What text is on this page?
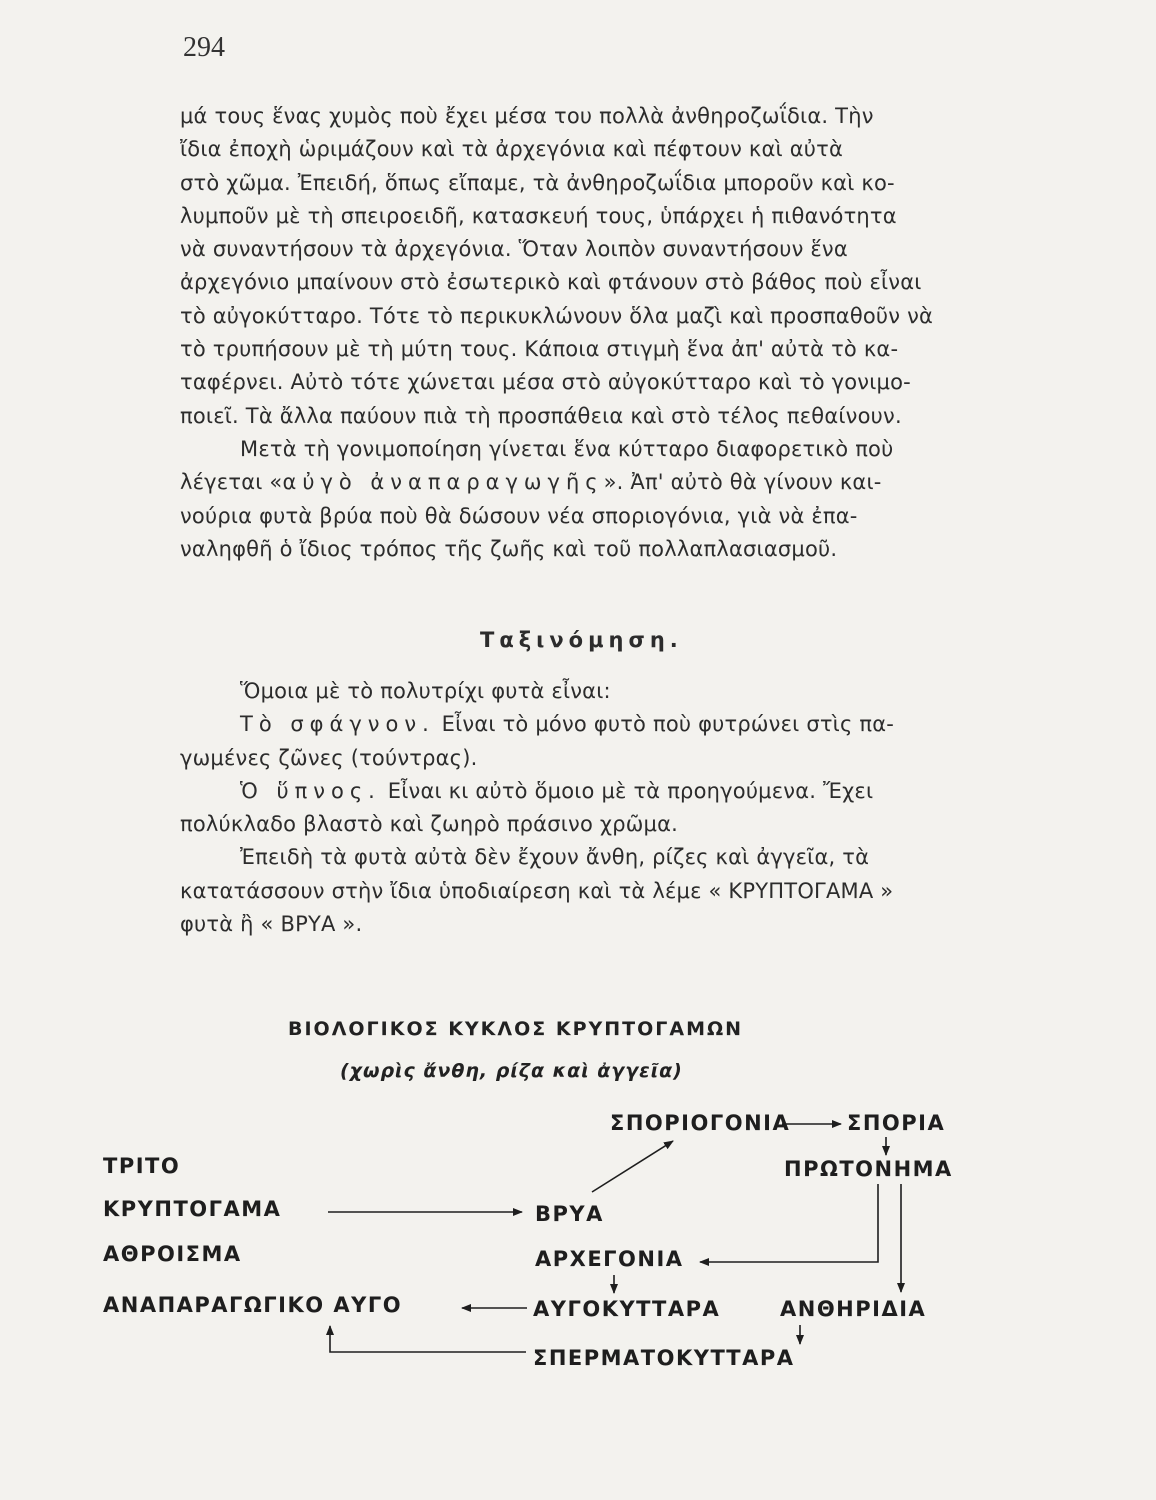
294
μά τους ἕνας χυμὸς ποὺ ἔχει μέσα του πολλὰ ἀνθηροζωΐδια. Τὴν
ἴδια ἐποχὴ ὡριμάζουν καὶ τὰ ἀρχεγόνια καὶ πέφτουν καὶ αὐτὰ
στὸ χῶμα. Ἐπειδή, ὅπως εἴπαμε, τὰ ἀνθηροζωΐδια μποροῦν καὶ κο-
λυμποῦν μὲ τὴ σπειροειδῆ, κατασκευή τους, ὑπάρχει ἡ πιθανότητα
νὰ συναντήσουν τὰ ἀρχεγόνια. Ὅταν λοιπὸν συναντήσουν ἕνα
ἀρχεγόνιο μπαίνουν στὸ ἐσωτερικὸ καὶ φτάνουν στὸ βάθος ποὺ εἶναι
τὸ αὐγοκύτταρο. Τότε τὸ περικυκλώνουν ὅλα μαζὶ καὶ προσπαθοῦν νὰ
τὸ τρυπήσουν μὲ τὴ μύτη τους. Κάποια στιγμὴ ἕνα ἀπ' αὐτὰ τὸ κα-
ταφέρνει. Αὐτὸ τότε χώνεται μέσα στὸ αὐγοκύτταρο καὶ τὸ γονιμο-
ποιεῖ. Τὰ ἄλλα παύουν πιὰ τὴ προσπάθεια καὶ στὸ τέλος πεθαίνουν.
Μετὰ τὴ γονιμοποίηση γίνεται ἕνα κύτταρο διαφορετικὸ ποὺ
λέγεται «αὐγὸ ἀναπαραγωγῆς». Ἀπ' αὐτὸ θὰ γίνουν και-
νούρια φυτὰ βρύα ποὺ θὰ δώσουν νέα σποριογόνια, γιὰ νὰ ἐπα-
ναληφθῆ ὁ ἴδιος τρόπος τῆς ζωῆς καὶ τοῦ πολλαπλασιασμοῦ.
Ταξινόμηση.
Ὅμοια μὲ τὸ πολυτρίχι φυτὰ εἶναι:
Τὸ σφάγνον. Εἶναι τὸ μόνο φυτὸ ποὺ φυτρώνει στὶς πα-
γωμένες ζῶνες (τούντρας).
Ὁ ὕπνος. Εἶναι κι αὐτὸ ὅμοιο μὲ τὰ προηγούμενα. Ἔχει
πολύκλαδο βλαστὸ καὶ ζωηρὸ πράσινο χρῶμα.
Ἐπειδὴ τὰ φυτὰ αὐτὰ δὲν ἔχουν ἄνθη, ρίζες καὶ ἀγγεῖα, τὰ
κατατάσσουν στὴν ἴδια ὑποδιαίρεση καὶ τὰ λέμε « ΚΡΥΠΤΟΓΑΜΑ »
φυτὰ ἢ « ΒΡΥΑ ».
ΒΙΟΛΟΓΙΚΟΣ ΚΥΚΛΟΣ ΚΡΥΠΤΟΓΑΜΩΝ
(χωρὶς ἄνθη, ρίζα καὶ ἀγγεῖα)
ΤΡΙΤΟ
ΚΡΥΠΤΟΓΑΜΑ
ΑΘΡΟΙΣΜΑ
ΑΝΑΠΑΡΑΓΩΓΙΚΟ ΑΥΓΟ
ΣΠΟΡΙΟΓΟΝΙΑ	ΣΠΟΡΙΑ
ΠΡΩΤΟΝΗΜΑ
ΒΡΥΑ
ΑΡΧΕΓΟΝΙΑ
ΑΥΓΟΚΥΤΤΑΡΑ	ΑΝΘΗΡΙΔΙΑ
ΣΠΕΡΜΑΤΟΚΥΤΤΑΡΑ
